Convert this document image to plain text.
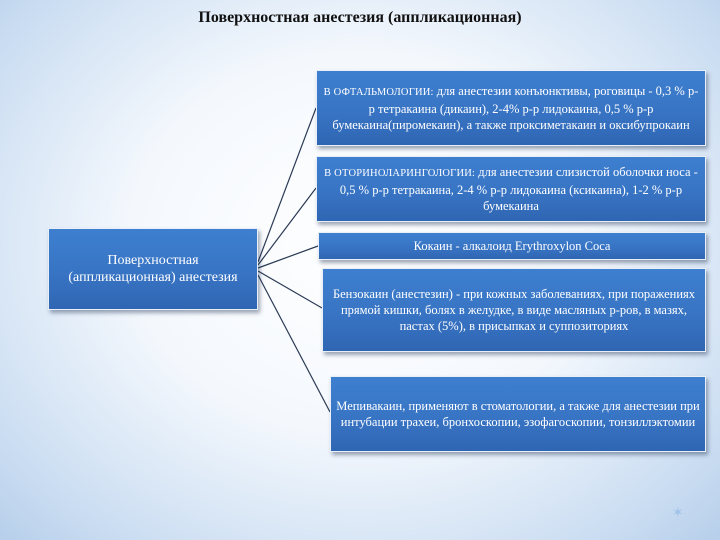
Поверхностная анестезия (аппликационная)
Поверхностная (аппликационная) анестезия
В ОФТАЛЬМОЛОГИИ: для анестезии конъюнктивы, роговицы - 0,3 % р-р тетракаина (дикаин), 2-4% р-р лидокаина, 0,5 % р-р бумекаина(пиромекаин), а также проксиметакаин и оксибупрокаин
В ОТОРИНОЛАРИНГОЛОГИИ: для анестезии слизистой оболочки носа - 0,5 % р-р тетракаина, 2-4 % р-р лидокаина (ксикаина), 1-2 % р-р бумекаина
Кокаин - алкалоид Erythroxylon Coca
Бензокаин (анестезин) - при кожных заболеваниях, при поражениях прямой кишки, болях в желудке, в виде масляных р-ров, в мазях, пастах (5%), в присыпках и суппозиториях
Мепивакаин, применяют в стоматологии, а также для анестезии при интубации трахеи, бронхоскопии, эзофагоскопии, тонзиллэктомии
✶
